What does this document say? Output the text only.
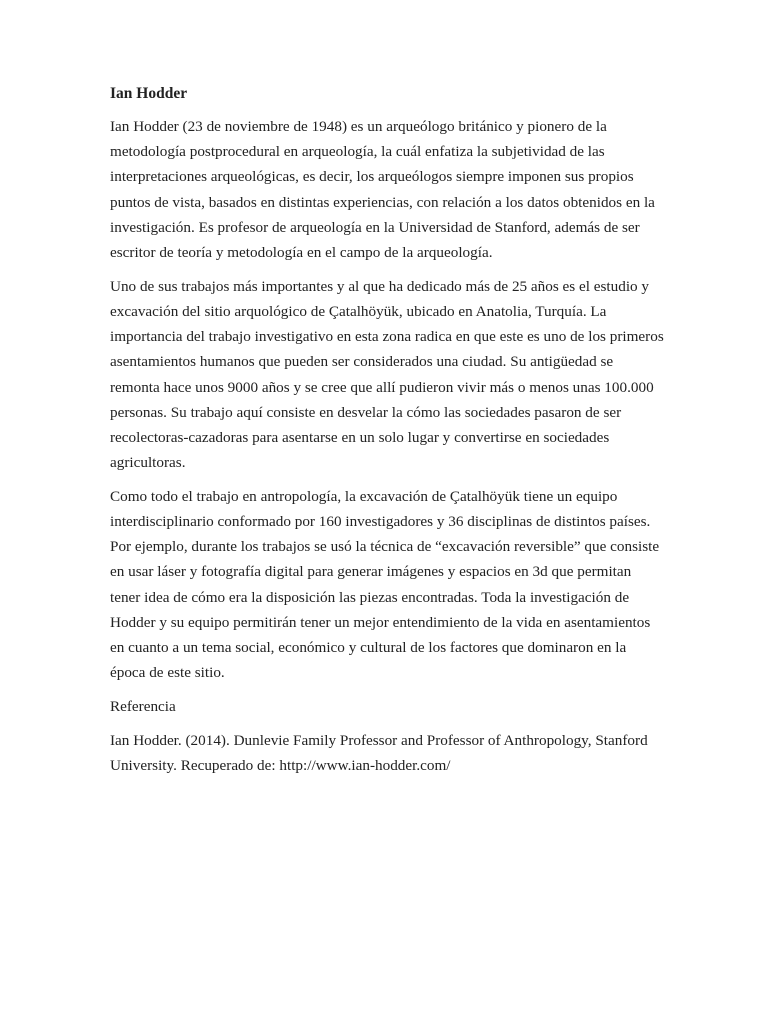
Ian Hodder

Ian Hodder (23 de noviembre de 1948) es un arqueólogo británico y pionero de la metodología postprocedural en arqueología, la cuál enfatiza la subjetividad de las interpretaciones arqueológicas, es decir, los arqueólogos siempre imponen sus propios puntos de vista, basados en distintas experiencias, con relación a los datos obtenidos en la investigación. Es profesor de arqueología en la Universidad de Stanford, además de ser escritor de teoría y metodología en el campo de la arqueología.

Uno de sus trabajos más importantes y al que ha dedicado más de 25 años es el estudio y excavación del sitio arquológico de Çatalhöyük, ubicado en Anatolia, Turquía. La importancia del trabajo investigativo en esta zona radica en que este es uno de los primeros asentamientos humanos que pueden ser considerados una ciudad. Su antigüedad se remonta hace unos 9000 años y se cree que allí pudieron vivir más o menos unas 100.000 personas. Su trabajo aquí consiste en desvelar la cómo las sociedades pasaron de ser recolectoras-cazadoras para asentarse en un solo lugar y convertirse en sociedades agricultoras.

Como todo el trabajo en antropología, la excavación de Çatalhöyük tiene un equipo interdisciplinario conformado por 160 investigadores y 36 disciplinas de distintos países. Por ejemplo, durante los trabajos se usó la técnica de “excavación reversible” que consiste en usar láser y fotografía digital para generar imágenes y espacios en 3d que permitan tener idea de cómo era la disposición las piezas encontradas. Toda la investigación de Hodder y su equipo permitirán tener un mejor entendimiento de la vida en asentamientos en cuanto a un tema social, económico y cultural de los factores que dominaron en la época de este sitio.

Referencia

Ian Hodder. (2014). Dunlevie Family Professor and Professor of Anthropology, Stanford University. Recuperado de: http://www.ian-hodder.com/
